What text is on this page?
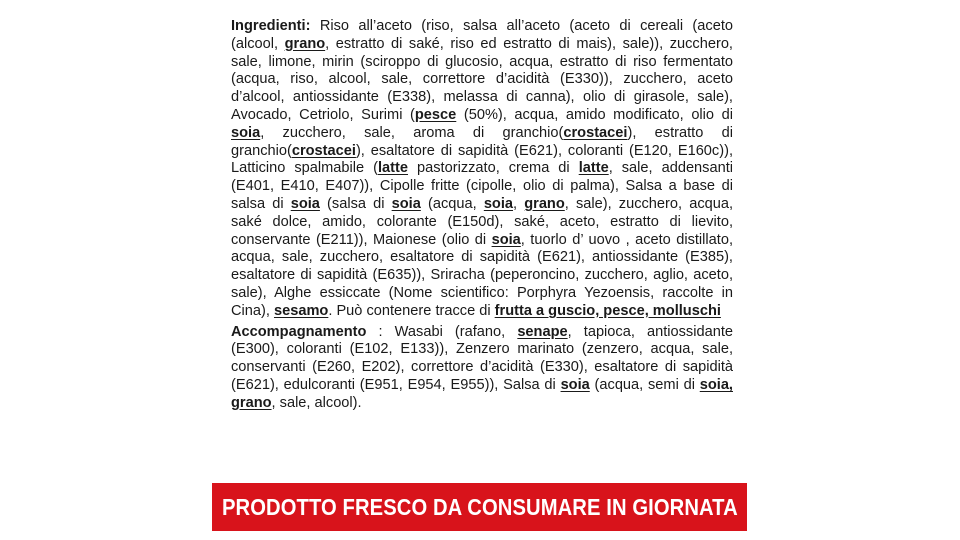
Ingredienti: Riso all’aceto (riso, salsa all’aceto (aceto di cereali (aceto (alcool, grano, estratto di saké, riso ed estratto di mais), sale)), zucchero, sale, limone, mirin (sciroppo di glucosio, acqua, estratto di riso fermentato (acqua, riso, alcool, sale, correttore d’acidità (E330)), zucchero, aceto d’alcool, antiossidante (E338), melassa di canna), olio di girasole, sale), Avocado, Cetriolo, Surimi (pesce (50%), acqua, amido modificato, olio di soia, zucchero, sale, aroma di granchio(crostacei), estratto di granchio(crostacei), esaltatore di sapidità (E621), coloranti (E120, E160c)), Latticino spalmabile (latte pastorizzato, crema di latte, sale, addensanti (E401, E410, E407)), Cipolle fritte (cipolle, olio di palma), Salsa a base di salsa di soia (salsa di soia (acqua, soia, grano, sale), zucchero, acqua, saké dolce, amido, colorante (E150d), saké, aceto, estratto di lievito, conservante (E211)), Maionese (olio di soia, tuorlo d’ uovo , aceto distillato, acqua, sale, zucchero, esaltatore di sapidità (E621), antiossidante (E385), esaltatore di sapidità (E635)), Sriracha (peperoncino, zucchero, aglio, aceto, sale), Alghe essiccate (Nome scientifico: Porphyra Yezoensis, raccolte in Cina), sesamo. Può contenere tracce di frutta a guscio, pesce, molluschi

Accompagnamento : Wasabi (rafano, senape, tapioca, antiossidante (E300), coloranti (E102, E133)), Zenzero marinato (zenzero, acqua, sale, conservanti (E260, E202), correttore d’acidità (E330), esaltatore di sapidità (E621), edulcoranti (E951, E954, E955)), Salsa di soia (acqua, semi di soia, grano, sale, alcool).

PRODOTTO FRESCO DA CONSUMARE IN GIORNATA
